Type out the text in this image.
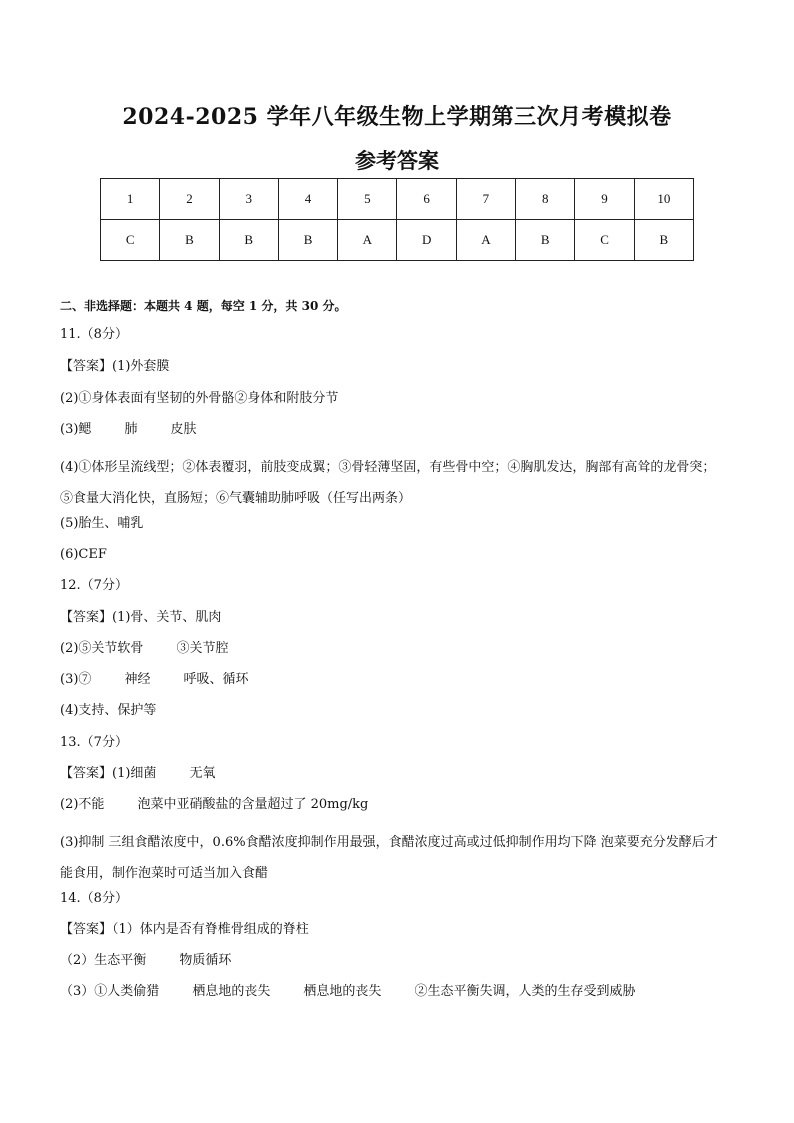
2024-2025 学年八年级生物上学期第三次月考模拟卷
参考答案
1	2	3	4	5	6	7	8	9	10
C	B	B	B	A	D	A	B	C	B
二、非选择题：本题共 4 题，每空 1 分，共 30 分。
11.（8分）
【答案】(1)外套膜
(2)①身体表面有坚韧的外骨骼②身体和附肢分节
(3)鳃        肺        皮肤
(4)①体形呈流线型；②体表覆羽，前肢变成翼；③骨轻薄坚固，有些骨中空；④胸肌发达，胸部有高耸的龙骨突；⑤食量大消化快，直肠短；⑥气囊辅助肺呼吸（任写出两条）
(5)胎生、哺乳
(6)CEF
12.（7分）
【答案】(1)骨、关节、肌肉
(2)⑤关节软骨        ③关节腔
(3)⑦        神经        呼吸、循环
(4)支持、保护等
13.（7分）
【答案】(1)细菌        无氧
(2)不能        泡菜中亚硝酸盐的含量超过了 20mg/kg
(3)抑制 三组食醋浓度中，0.6%食醋浓度抑制作用最强，食醋浓度过高或过低抑制作用均下降 泡菜要充分发酵后才能食用，制作泡菜时可适当加入食醋
14.（8分）
【答案】（1）体内是否有脊椎骨组成的脊柱
（2）生态平衡        物质循环
（3）①人类偷猎        栖息地的丧失        栖息地的丧失        ②生态平衡失调，人类的生存受到威胁
